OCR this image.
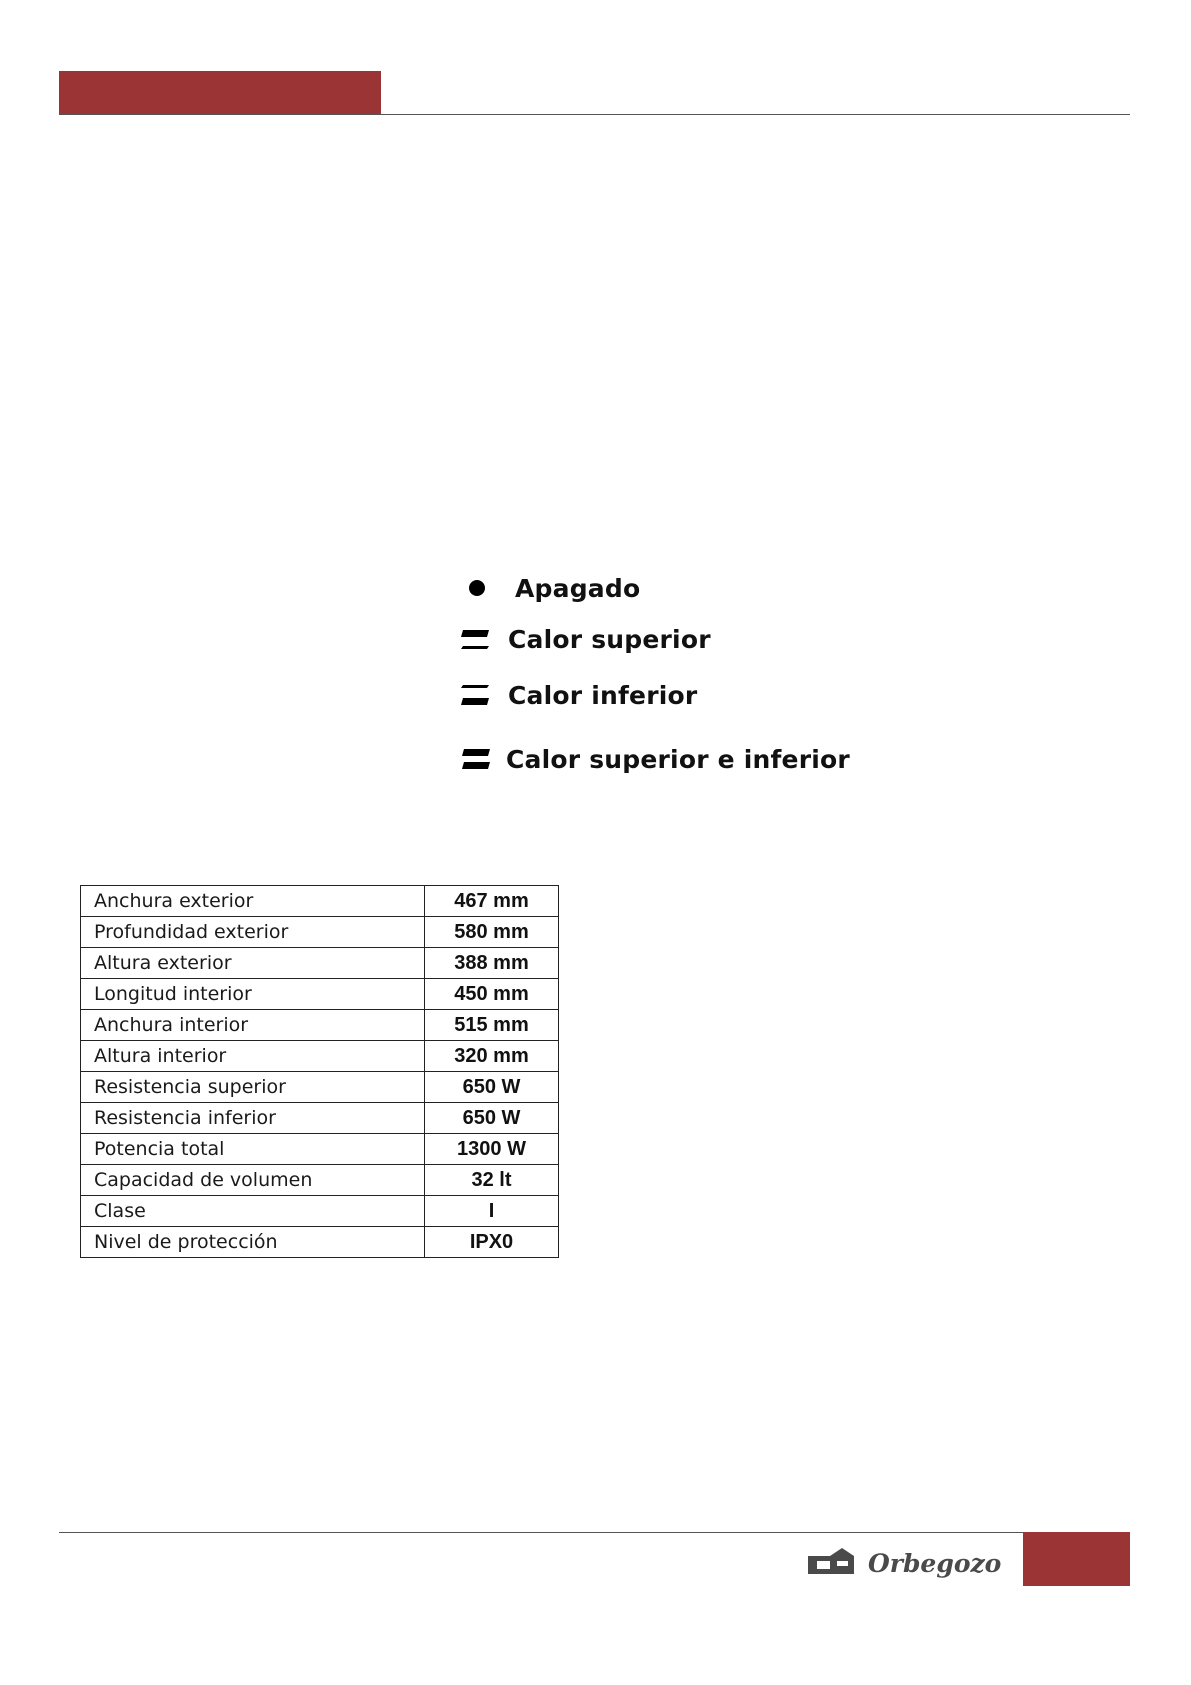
Apagado
Calor superior
Calor inferior
Calor superior e inferior
Anchura exterior	467 mm
Profundidad exterior	580 mm
Altura exterior	388 mm
Longitud interior	450 mm
Anchura interior	515 mm
Altura interior	320 mm
Resistencia superior	650 W
Resistencia inferior	650 W
Potencia total	1300 W
Capacidad de volumen	32 lt
Clase	I
Nivel de protección	IPX0
Orbegozo
